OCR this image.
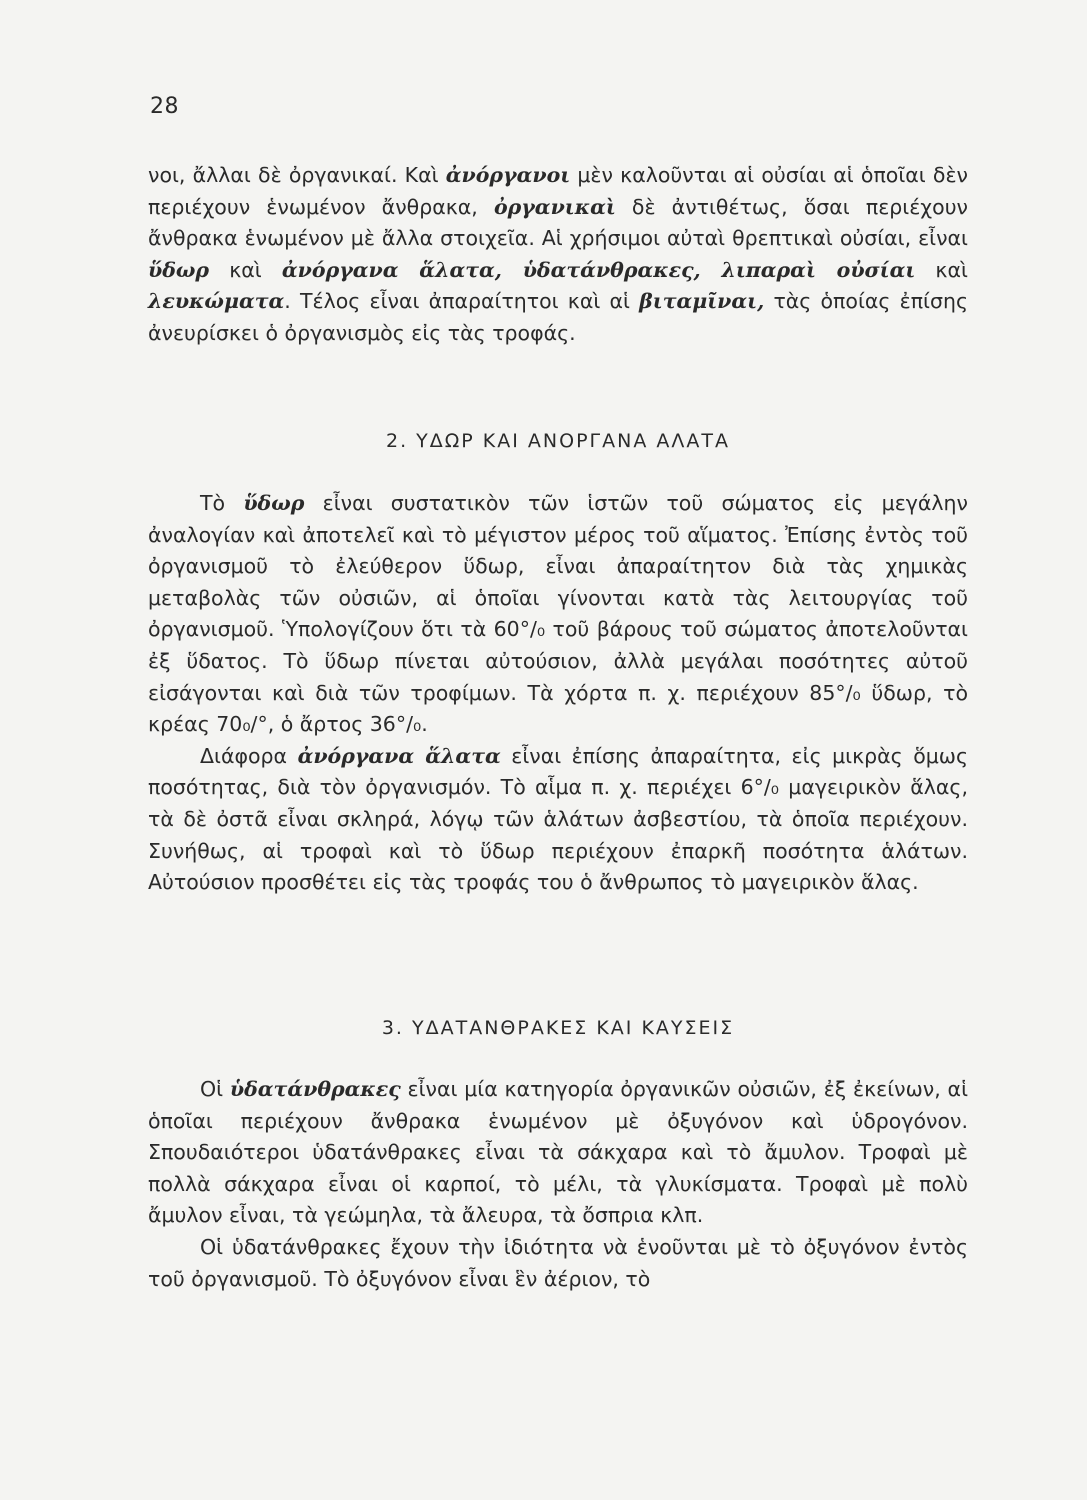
28

νοι, ἄλλαι δὲ ὀργανικαί. Καὶ ἀνόργανοι μὲν καλοῦνται αἱ οὐσίαι αἱ ὁποῖαι δὲν περιέχουν ἑνωμένον ἄνθρακα, ὀργανικαὶ δὲ ἀντιθέτως, ὅσαι περιέχουν ἄνθρακα ἑνωμένον μὲ ἄλλα στοιχεῖα. Αἱ χρήσιμοι αὐταὶ θρεπτικαὶ οὐσίαι, εἶναι ὕδωρ καὶ ἀνόργανα ἅλατα, ὑδατάνθρακες, λιπαραὶ οὐσίαι καὶ λευκώματα. Τέλος εἶναι ἀπαραίτητοι καὶ αἱ βιταμῖναι, τὰς ὁποίας ἐπίσης ἀνευρίσκει ὁ ὀργανισμὸς εἰς τὰς τροφάς.

2. ΥΔΩΡ ΚΑΙ ΑΝΟΡΓΑΝΑ ΑΛΑΤΑ

Τὸ ὕδωρ εἶναι συστατικὸν τῶν ἱστῶν τοῦ σώματος εἰς μεγάλην ἀναλογίαν καὶ ἀποτελεῖ καὶ τὸ μέγιστον μέρος τοῦ αἵματος. Ἐπίσης ἐντὸς τοῦ ὀργανισμοῦ τὸ ἐλεύθερον ὕδωρ, εἶναι ἀπαραίτητον διὰ τὰς χημικὰς μεταβολὰς τῶν οὐσιῶν, αἱ ὁποῖαι γίνονται κατὰ τὰς λειτουργίας τοῦ ὀργανισμοῦ. Ὑπολογίζουν ὅτι τὰ 60°/₀ τοῦ βάρους τοῦ σώματος ἀποτελοῦνται ἐξ ὕδατος. Τὸ ὕδωρ πίνεται αὐτούσιον, ἀλλὰ μεγάλαι ποσότητες αὐτοῦ εἰσάγονται καὶ διὰ τῶν τροφίμων. Τὰ χόρτα π. χ. περιέχουν 85°/₀ ὕδωρ, τὸ κρέας 70₀/°, ὁ ἄρτος 36°/₀.

Διάφορα ἀνόργανα ἅλατα εἶναι ἐπίσης ἀπαραίτητα, εἰς μικρὰς ὅμως ποσότητας, διὰ τὸν ὀργανισμόν. Τὸ αἷμα π. χ. περιέχει 6°/₀ μαγειρικὸν ἅλας, τὰ δὲ ὀστᾶ εἶναι σκληρά, λόγῳ τῶν ἁλάτων ἀσβεστίου, τὰ ὁποῖα περιέχουν. Συνήθως, αἱ τροφαὶ καὶ τὸ ὕδωρ περιέχουν ἐπαρκῆ ποσότητα ἁλάτων. Αὐτούσιον προσθέτει εἰς τὰς τροφάς του ὁ ἄνθρωπος τὸ μαγειρικὸν ἅλας.

3. ΥΔΑΤΑΝΘΡΑΚΕΣ ΚΑΙ ΚΑΥΣΕΙΣ

Οἱ ὑδατάνθρακες εἶναι μία κατηγορία ὀργανικῶν οὐσιῶν, ἐξ ἐκείνων, αἱ ὁποῖαι περιέχουν ἄνθρακα ἑνωμένον μὲ ὀξυγόνον καὶ ὑδρογόνον. Σπουδαιότεροι ὑδατάνθρακες εἶναι τὰ σάκχαρα καὶ τὸ ἄμυλον. Τροφαὶ μὲ πολλὰ σάκχαρα εἶναι οἱ καρποί, τὸ μέλι, τὰ γλυκίσματα. Τροφαὶ μὲ πολὺ ἄμυλον εἶναι, τὰ γεώμηλα, τὰ ἄλευρα, τὰ ὄσπρια κλπ.

Οἱ ὑδατάνθρακες ἔχουν τὴν ἰδιότητα νὰ ἑνοῦνται μὲ τὸ ὀξυγόνον ἐντὸς τοῦ ὀργανισμοῦ. Τὸ ὀξυγόνον εἶναι ἓν ἀέριον, τὸ
